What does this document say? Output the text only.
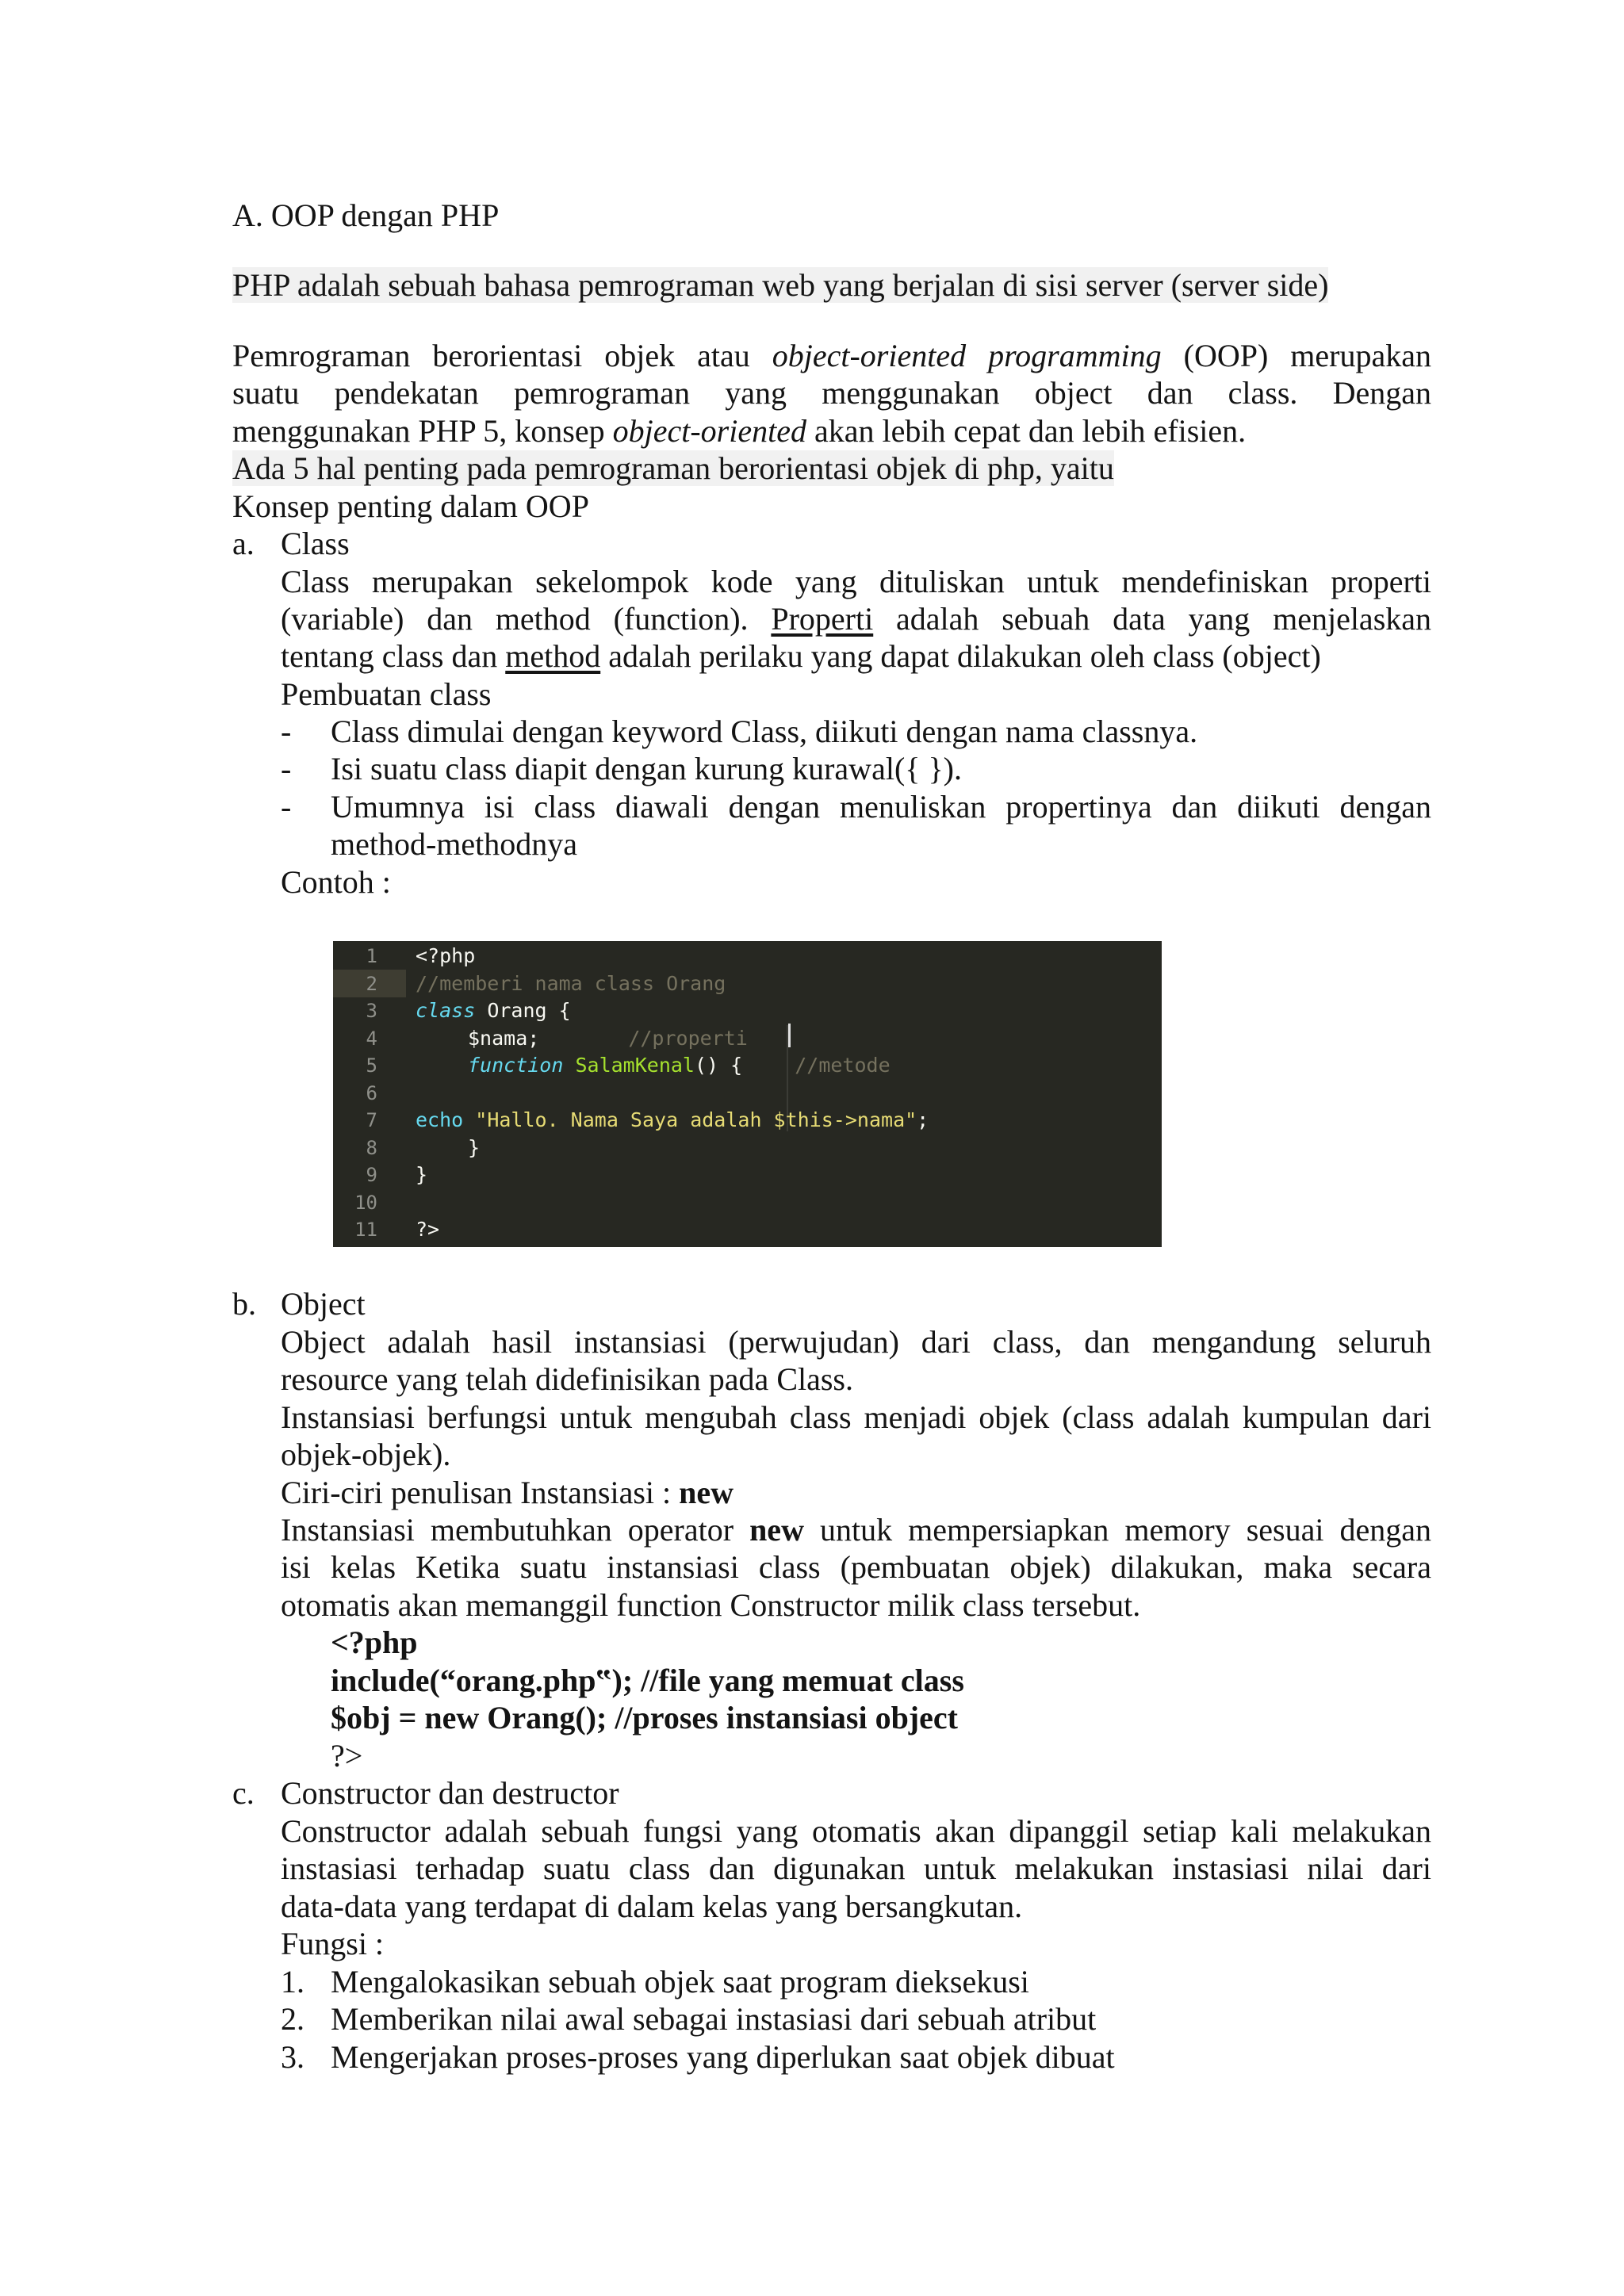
A. OOP dengan PHP
PHP adalah sebuah bahasa pemrograman web yang berjalan di sisi server (server side)
Pemrograman berorientasi objek atau object-oriented programming (OOP) merupakan
suatu pendekatan pemrograman yang menggunakan object dan class. Dengan
menggunakan PHP 5, konsep object-oriented akan lebih cepat dan lebih efisien.
Ada 5 hal penting pada pemrograman berorientasi objek di php, yaitu
Konsep penting dalam OOP
a. Class
Class merupakan sekelompok kode yang dituliskan untuk mendefiniskan properti
(variable) dan method (function). Properti adalah sebuah data yang menjelaskan
tentang class dan method adalah perilaku yang dapat dilakukan oleh class (object)
Pembuatan class
- Class dimulai dengan keyword Class, diikuti dengan nama classnya.
- Isi suatu class diapit dengan kurung kurawal({ }).
- Umumnya isi class diawali dengan menuliskan propertinya dan diikuti dengan
method-methodnya
Contoh :
1
2
3
4
5
6
7
8
9
10
11
<?php
//memberi nama class Orang
class Orang {
$nama;	//properti
function SalamKenal() {	//metode
echo "Hallo. Nama Saya adalah $this->nama";
}
}
?>
b. Object
Object adalah hasil instansiasi (perwujudan) dari class, dan mengandung seluruh
resource yang telah didefinisikan pada Class.
Instansiasi berfungsi untuk mengubah class menjadi objek (class adalah kumpulan dari
objek-objek).
Ciri-ciri penulisan Instansiasi : new
Instansiasi membutuhkan operator new untuk mempersiapkan memory sesuai dengan
isi kelas Ketika suatu instansiasi class (pembuatan objek) dilakukan, maka secara
otomatis akan memanggil function Constructor milik class tersebut.
<?php
include(“orang.php‟); //file yang memuat class
$obj = new Orang(); //proses instansiasi object
?>
c. Constructor dan destructor
Constructor adalah sebuah fungsi yang otomatis akan dipanggil setiap kali melakukan
instasiasi terhadap suatu class dan digunakan untuk melakukan instasiasi nilai dari
data-data yang terdapat di dalam kelas yang bersangkutan.
Fungsi :
1. Mengalokasikan sebuah objek saat program dieksekusi
2. Memberikan nilai awal sebagai instasiasi dari sebuah atribut
3. Mengerjakan proses-proses yang diperlukan saat objek dibuat
